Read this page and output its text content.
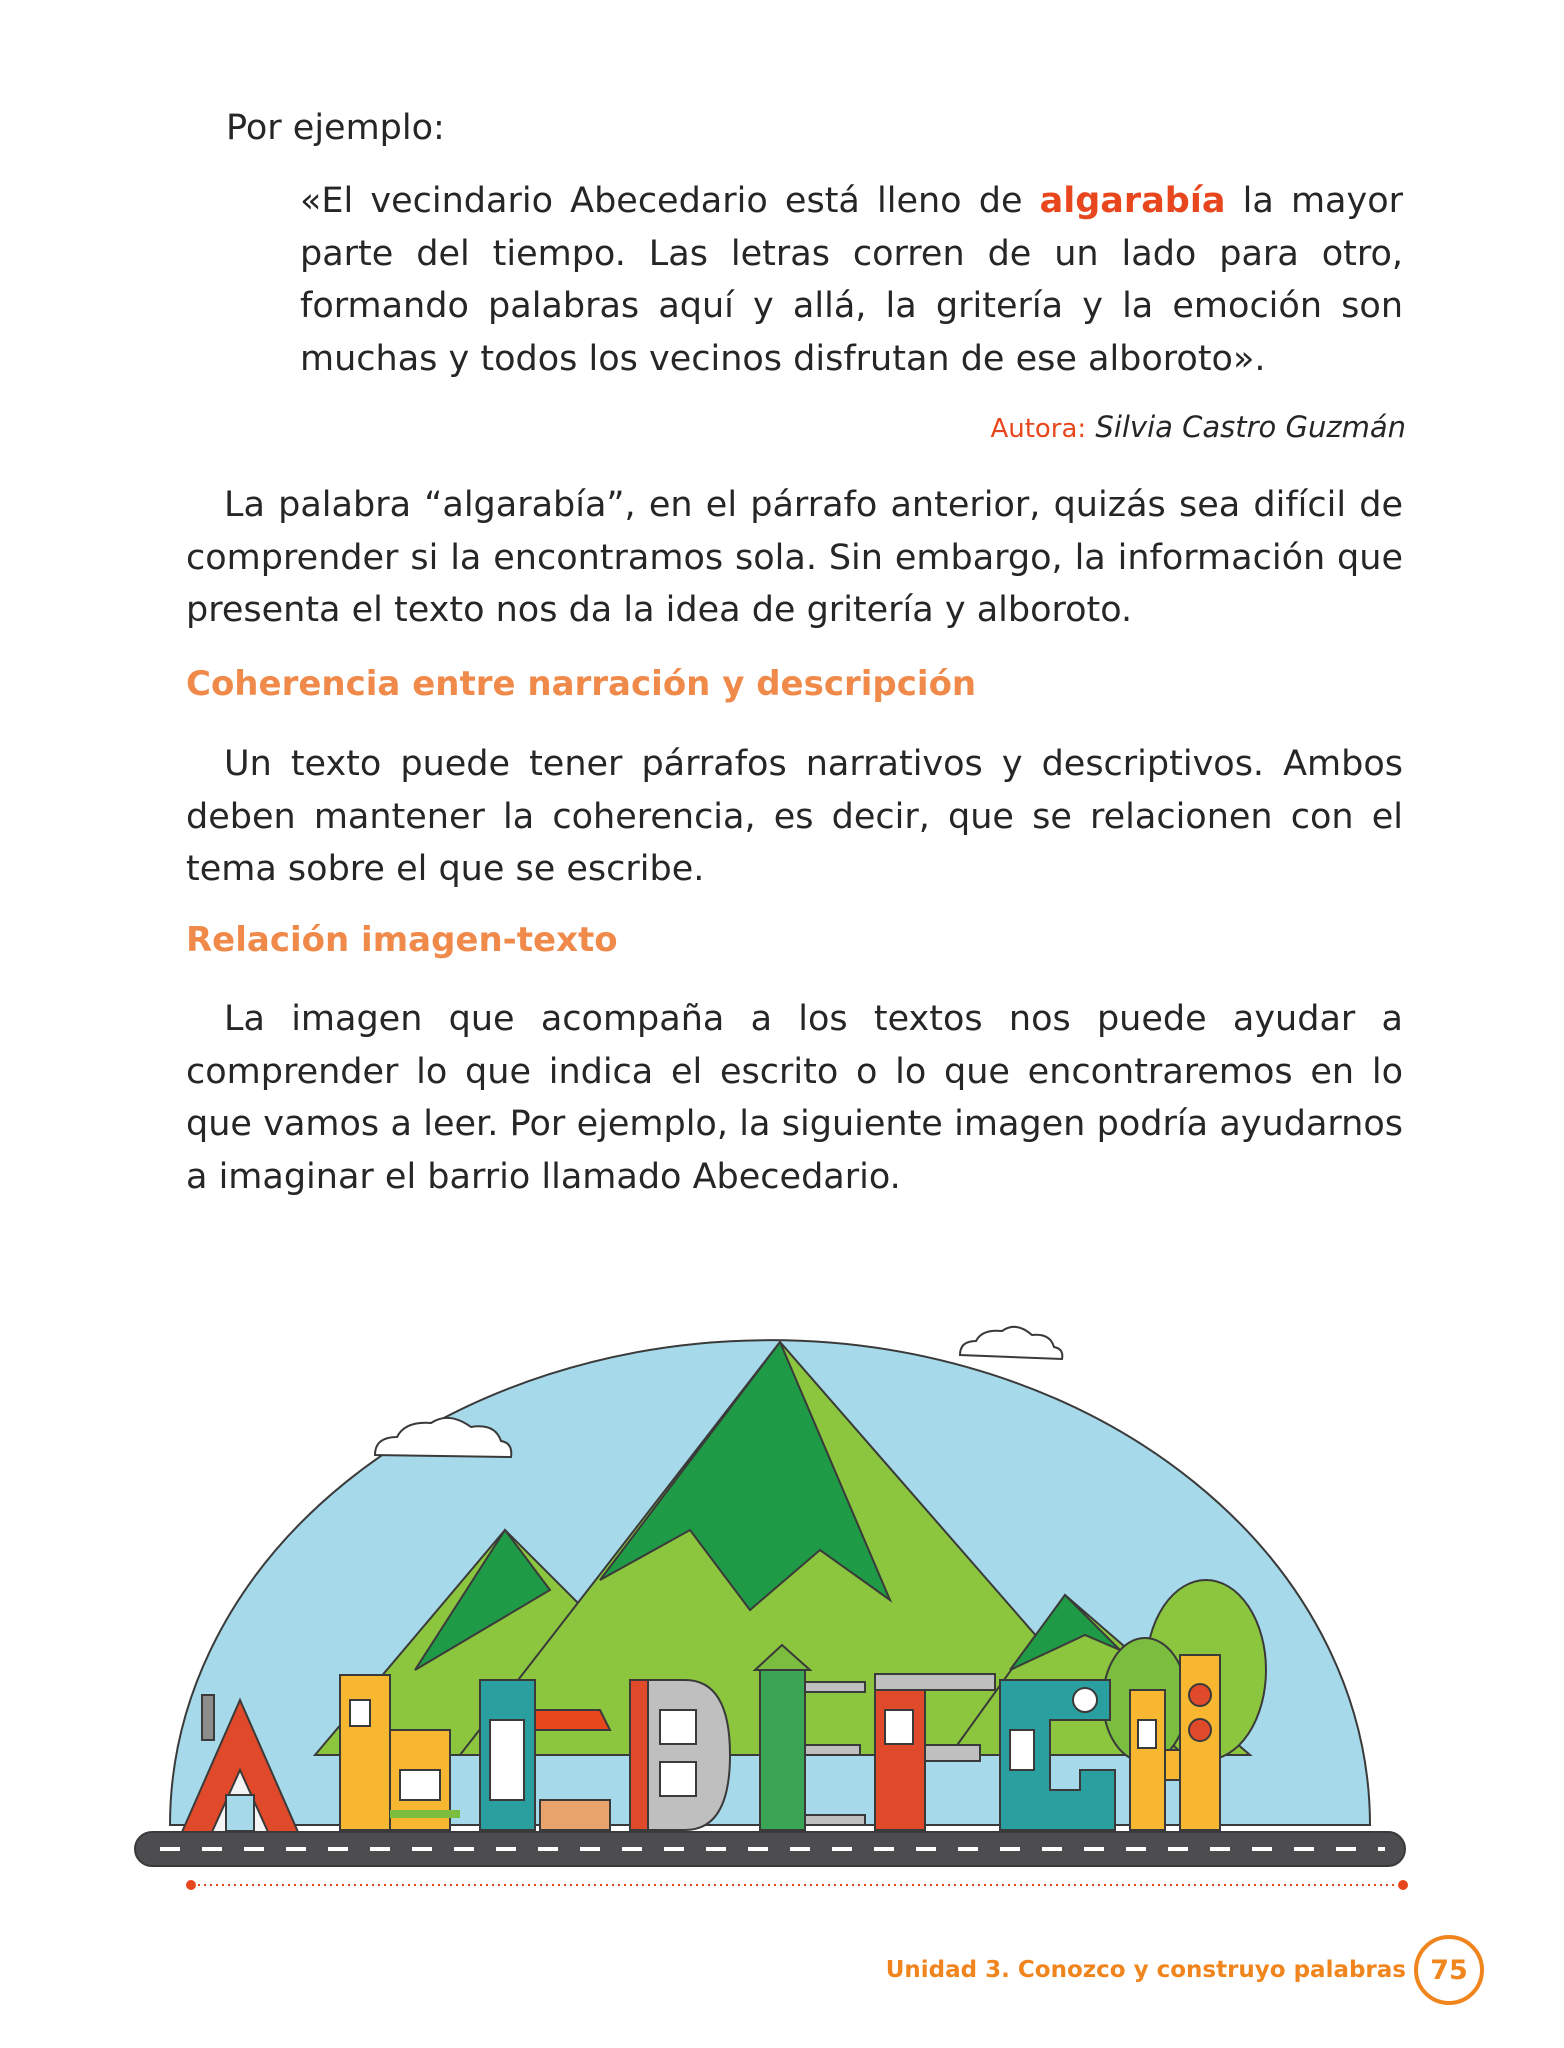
Por ejemplo:

«El vecindario Abecedario está lleno de algarabía la mayor parte del tiempo. Las letras corren de un lado para otro, formando palabras aquí y allá, la gritería y la emoción son muchas y todos los vecinos disfrutan de ese alboroto».

Autora: Silvia Castro Guzmán

La palabra “algarabía”, en el párrafo anterior, quizás sea difícil de comprender si la encontramos sola. Sin embargo, la información que presenta el texto nos da la idea de gritería y alboroto.

Coherencia entre narración y descripción

Un texto puede tener párrafos narrativos y descriptivos. Ambos deben mantener la coherencia, es decir, que se relacionen con el tema sobre el que se escribe.

Relación imagen-texto

La imagen que acompaña a los textos nos puede ayudar a comprender lo que indica el escrito o lo que encontraremos en lo que vamos a leer. Por ejemplo, la siguiente imagen podría ayudarnos a imaginar el barrio llamado Abecedario.

Unidad 3. Conozco y construyo palabras 75
